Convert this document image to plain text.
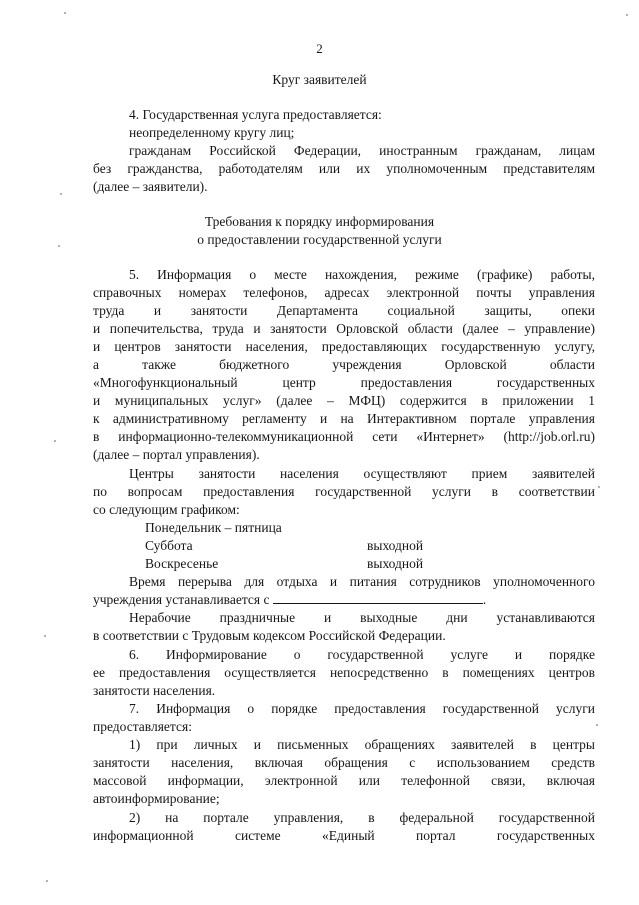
2
Круг заявителей
4. Государственная услуга предоставляется:
неопределенному кругу лиц;
гражданам Российской Федерации, иностранным гражданам, лицам
без гражданства, работодателям или их уполномоченным представителям
(далее – заявители).
Требования к порядку информирования
о предоставлении государственной услуги
5. Информация о месте нахождения, режиме (графике) работы,
справочных номерах телефонов, адресах электронной почты управления
труда и занятости Департамента социальной защиты, опеки
и попечительства, труда и занятости Орловской области (далее – управление)
и центров занятости населения, предоставляющих государственную услугу,
а также бюджетного учреждения Орловской области
«Многофункциональный центр предоставления государственных
и муниципальных услуг» (далее – МФЦ) содержится в приложении 1
к административному регламенту и на Интерактивном портале управления
в информационно-телекоммуникационной сети «Интернет» (http://job.orl.ru)
(далее – портал управления).
Центры занятости населения осуществляют прием заявителей
по вопросам предоставления государственной услуги в соответствии
со следующим графиком:
Понедельник – пятница
Суббота	выходной
Воскресенье	выходной
Время перерыва для отдыха и питания сотрудников уполномоченного
учреждения устанавливается с	.
Нерабочие праздничные и выходные дни устанавливаются
в соответствии с Трудовым кодексом Российской Федерации.
6. Информирование о государственной услуге и порядке
ее предоставления осуществляется непосредственно в помещениях центров
занятости населения.
7. Информация о порядке предоставления государственной услуги
предоставляется:
1) при личных и письменных обращениях заявителей в центры
занятости населения, включая обращения с использованием средств
массовой информации, электронной или телефонной связи, включая
автоинформирование;
2) на портале управления, в федеральной государственной
информационной системе «Единый портал государственных
